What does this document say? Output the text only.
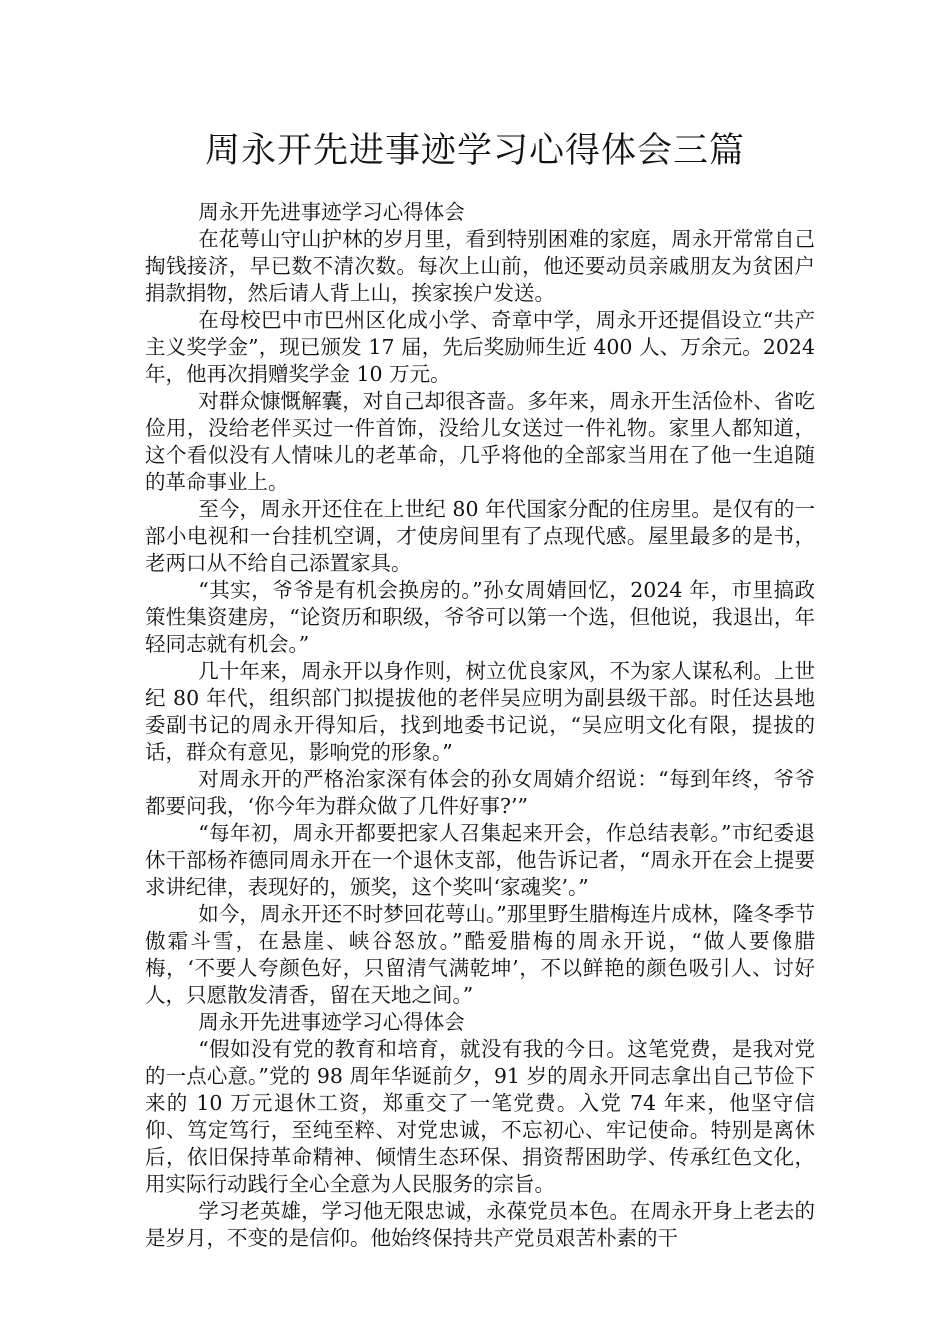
周永开先进事迹学习心得体会三篇

周永开先进事迹学习心得体会

在花萼山守山护林的岁月里，看到特别困难的家庭，周永开常常自己掏钱接济，早已数不清次数。每次上山前，他还要动员亲戚朋友为贫困户捐款捐物，然后请人背上山，挨家挨户发送。

在母校巴中市巴州区化成小学、奇章中学，周永开还提倡设立“共产主义奖学金”，现已颁发 17 届，先后奖励师生近 400 人、万余元。2024 年，他再次捐赠奖学金 10 万元。

对群众慷慨解囊，对自己却很吝啬。多年来，周永开生活俭朴、省吃俭用，没给老伴买过一件首饰，没给儿女送过一件礼物。家里人都知道，这个看似没有人情味儿的老革命，几乎将他的全部家当用在了他一生追随的革命事业上。

至今，周永开还住在上世纪 80 年代国家分配的住房里。是仅有的一部小电视和一台挂机空调，才使房间里有了点现代感。屋里最多的是书，老两口从不给自己添置家具。

“其实，爷爷是有机会换房的。”孙女周婧回忆，2024 年，市里搞政策性集资建房，“论资历和职级，爷爷可以第一个选，但他说，我退出，年轻同志就有机会。”

几十年来，周永开以身作则，树立优良家风，不为家人谋私利。上世纪 80 年代，组织部门拟提拔他的老伴吴应明为副县级干部。时任达县地委副书记的周永开得知后，找到地委书记说，“吴应明文化有限，提拔的话，群众有意见，影响党的形象。”

对周永开的严格治家深有体会的孙女周婧介绍说：“每到年终，爷爷都要问我，‘你今年为群众做了几件好事?’”

“每年初，周永开都要把家人召集起来开会，作总结表彰。”市纪委退休干部杨祚德同周永开在一个退休支部，他告诉记者，“周永开在会上提要求讲纪律，表现好的，颁奖，这个奖叫‘家魂奖’。”

如今，周永开还不时梦回花萼山。”那里野生腊梅连片成林，隆冬季节傲霜斗雪，在悬崖、峡谷怒放。”酷爱腊梅的周永开说，“做人要像腊梅，‘不要人夸颜色好，只留清气满乾坤’，不以鲜艳的颜色吸引人、讨好人，只愿散发清香，留在天地之间。”

周永开先进事迹学习心得体会

“假如没有党的教育和培育，就没有我的今日。这笔党费，是我对党的一点心意。”党的 98 周年华诞前夕，91 岁的周永开同志拿出自己节俭下来的 10 万元退休工资，郑重交了一笔党费。入党 74 年来，他坚守信仰、笃定笃行，至纯至粹、对党忠诚，不忘初心、牢记使命。特别是离休后，依旧保持革命精神、倾情生态环保、捐资帮困助学、传承红色文化，用实际行动践行全心全意为人民服务的宗旨。

学习老英雄，学习他无限忠诚，永葆党员本色。在周永开身上老去的是岁月，不变的是信仰。他始终保持共产党员艰苦朴素的干
